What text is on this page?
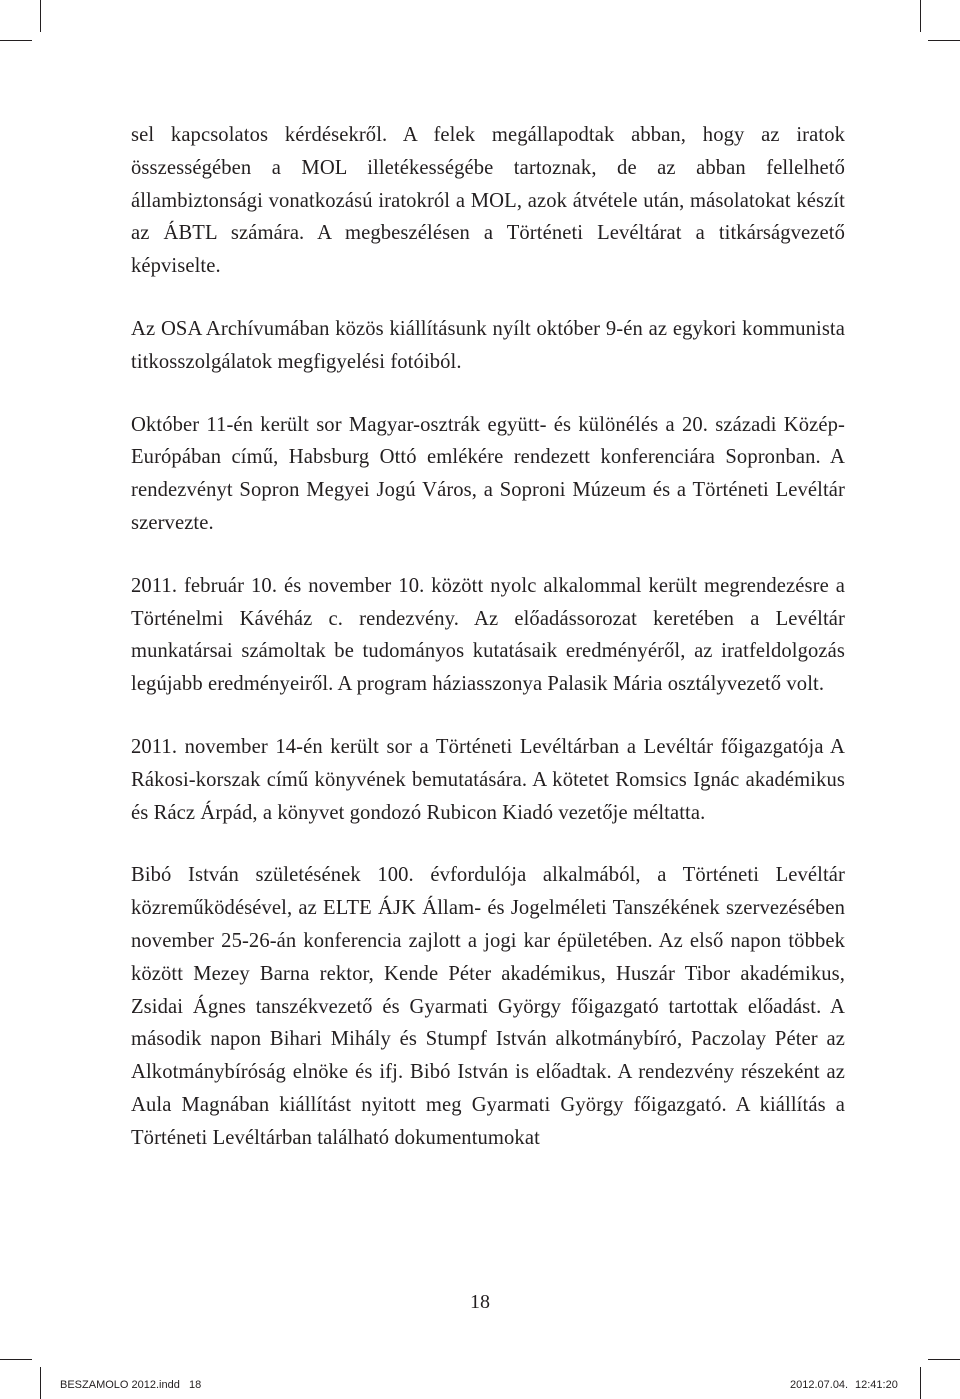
sel kapcsolatos kérdésekről. A felek megállapodtak abban, hogy az iratok összességében a MOL illetékességébe tartoznak, de az abban fellelhető állambiztonsági vonatkozású iratokról a MOL, azok átvétele után, másolatokat készít az ÁBTL számára. A megbeszélésen a Történeti Levéltárat a titkárságvezető képviselte.

Az OSA Archívumában közös kiállításunk nyílt október 9-én az egykori kommunista titkosszolgálatok megfigyelési fotóiból.

Október 11-én került sor Magyar-osztrák együtt- és különélés a 20. századi Közép-Európában című, Habsburg Ottó emlékére rendezett konferenciára Sopronban. A rendezvényt Sopron Megyei Jogú Város, a Soproni Múzeum és a Történeti Levéltár szervezte.

2011. február 10. és november 10. között nyolc alkalommal került megrendezésre a Történelmi Kávéház c. rendezvény. Az előadássorozat keretében a Levéltár munkatársai számoltak be tudományos kutatásaik eredményéről, az iratfeldolgozás legújabb eredményeiről. A program háziasszonya Palasik Mária osztályvezető volt.

2011. november 14-én került sor a Történeti Levéltárban a Levéltár főigazgatója A Rákosi-korszak című könyvének bemutatására. A kötetet Romsics Ignác akadémikus és Rácz Árpád, a könyvet gondozó Rubicon Kiadó vezetője méltatta.

Bibó István születésének 100. évfordulója alkalmából, a Történeti Levéltár közreműködésével, az ELTE ÁJK Állam- és Jogelméleti Tanszékének szervezésében november 25-26-án konferencia zajlott a jogi kar épületében. Az első napon többek között Mezey Barna rektor, Kende Péter akadémikus, Huszár Tibor akadémikus, Zsidai Ágnes tanszékvezető és Gyarmati György főigazgató tartottak előadást. A második napon Bihari Mihály és Stumpf István alkotmánybíró, Paczolay Péter az Alkotmánybíróság elnöke és ifj. Bibó István is előadtak. A rendezvény részeként az Aula Magnában kiállítást nyitott meg Gyarmati György főigazgató. A kiállítás a Történeti Levéltárban található dokumentumokat

18
BESZAMOLO 2012.indd   18	2012.07.04. 12:41:20
